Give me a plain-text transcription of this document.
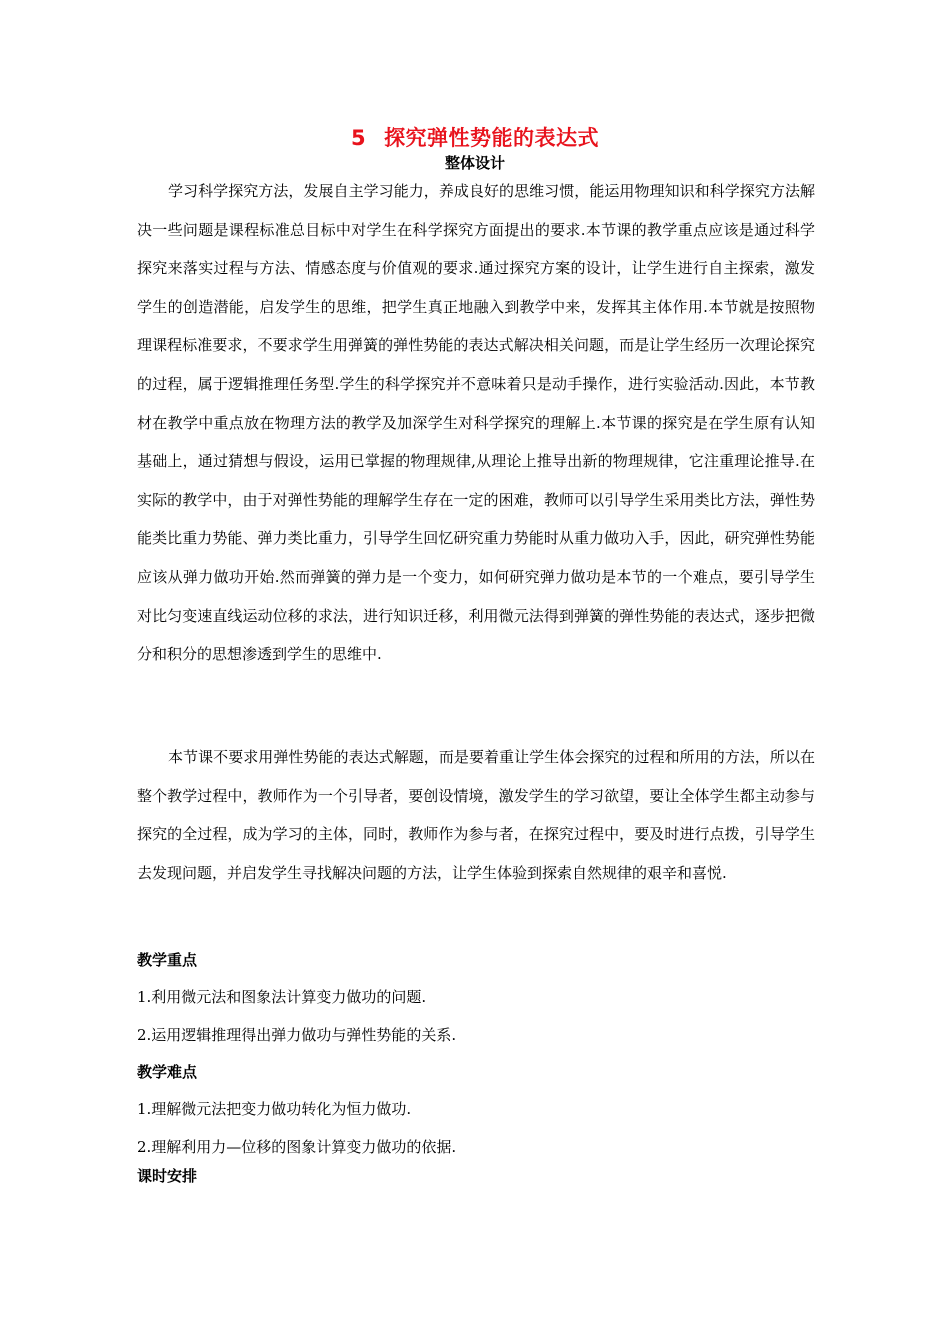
5 探究弹性势能的表达式
整体设计

学习科学探究方法，发展自主学习能力，养成良好的思维习惯，能运用物理知识和科学探究方法解决一些问题是课程标准总目标中对学生在科学探究方面提出的要求.本节课的教学重点应该是通过科学探究来落实过程与方法、情感态度与价值观的要求.通过探究方案的设计，让学生进行自主探索，激发学生的创造潜能，启发学生的思维，把学生真正地融入到教学中来，发挥其主体作用.本节就是按照物理课程标准要求，不要求学生用弹簧的弹性势能的表达式解决相关问题，而是让学生经历一次理论探究的过程，属于逻辑推理任务型.学生的科学探究并不意味着只是动手操作，进行实验活动.因此，本节教材在教学中重点放在物理方法的教学及加深学生对科学探究的理解上.本节课的探究是在学生原有认知基础上，通过猜想与假设，运用已掌握的物理规律,从理论上推导出新的物理规律，它注重理论推导.在实际的教学中，由于对弹性势能的理解学生存在一定的困难，教师可以引导学生采用类比方法，弹性势能类比重力势能、弹力类比重力，引导学生回忆研究重力势能时从重力做功入手，因此，研究弹性势能应该从弹力做功开始.然而弹簧的弹力是一个变力，如何研究弹力做功是本节的一个难点，要引导学生对比匀变速直线运动位移的求法，进行知识迁移，利用微元法得到弹簧的弹性势能的表达式，逐步把微分和积分的思想渗透到学生的思维中.

本节课不要求用弹性势能的表达式解题，而是要着重让学生体会探究的过程和所用的方法，所以在整个教学过程中，教师作为一个引导者，要创设情境，激发学生的学习欲望，要让全体学生都主动参与探究的全过程，成为学习的主体，同时，教师作为参与者，在探究过程中，要及时进行点拨，引导学生去发现问题，并启发学生寻找解决问题的方法，让学生体验到探索自然规律的艰辛和喜悦.

教学重点
1.利用微元法和图象法计算变力做功的问题.
2.运用逻辑推理得出弹力做功与弹性势能的关系.
教学难点
1.理解微元法把变力做功转化为恒力做功.
2.理解利用力—位移的图象计算变力做功的依据.
课时安排
